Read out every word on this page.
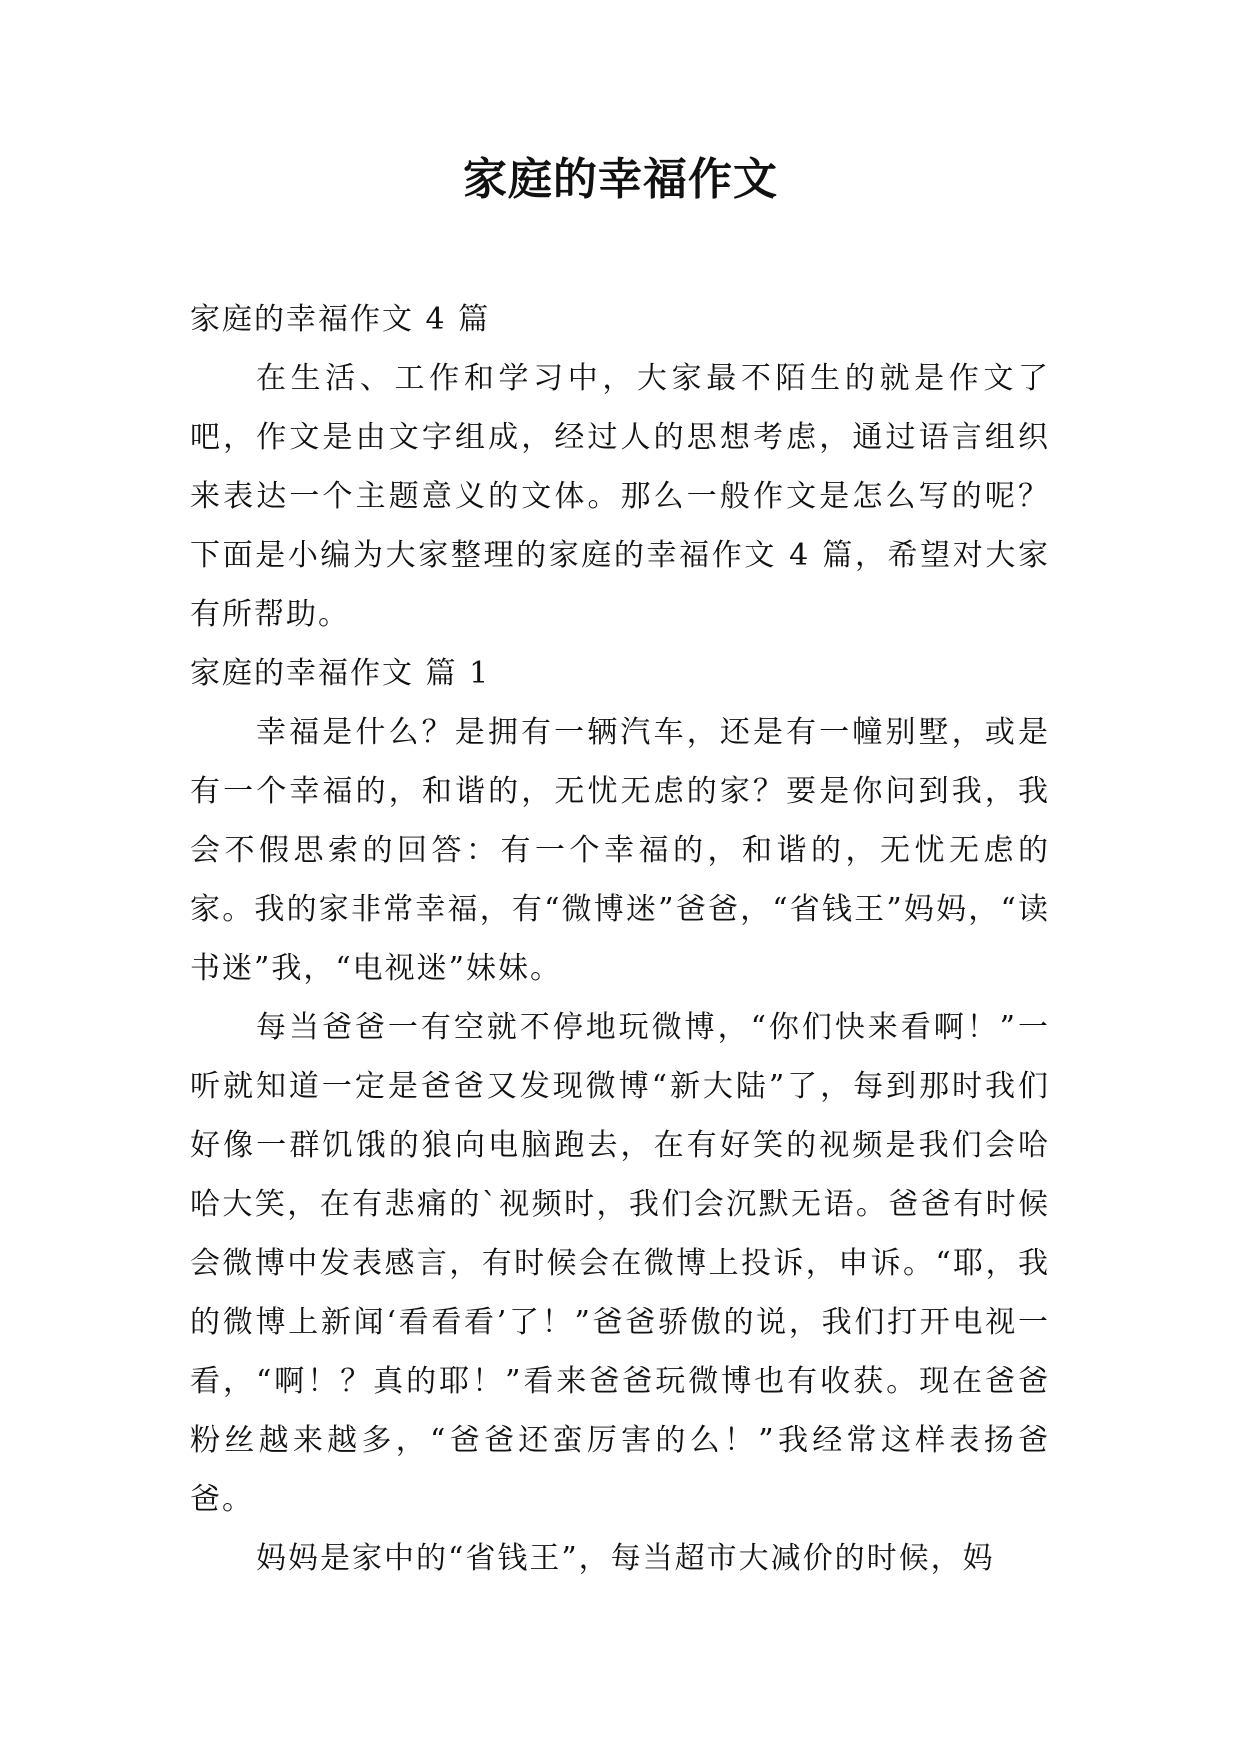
家庭的幸福作文

家庭的幸福作文 4 篇

在生活、工作和学习中，大家最不陌生的就是作文了吧，作文是由文字组成，经过人的思想考虑，通过语言组织来表达一个主题意义的文体。那么一般作文是怎么写的呢？下面是小编为大家整理的家庭的幸福作文 4 篇，希望对大家有所帮助。

家庭的幸福作文 篇 1

幸福是什么？是拥有一辆汽车，还是有一幢别墅，或是有一个幸福的，和谐的，无忧无虑的家？要是你问到我，我会不假思索的回答：有一个幸福的，和谐的，无忧无虑的家。我的家非常幸福，有“微博迷”爸爸，“省钱王”妈妈，“读书迷”我，“电视迷”妹妹。

每当爸爸一有空就不停地玩微博，“你们快来看啊！”一听就知道一定是爸爸又发现微博“新大陆”了，每到那时我们好像一群饥饿的狼向电脑跑去，在有好笑的视频是我们会哈哈大笑，在有悲痛的`视频时，我们会沉默无语。爸爸有时候会微博中发表感言，有时候会在微博上投诉，申诉。“耶，我的微博上新闻‘看看看’了！”爸爸骄傲的说，我们打开电视一看，“啊！？真的耶！”看来爸爸玩微博也有收获。现在爸爸粉丝越来越多，“爸爸还蛮厉害的么！”我经常这样表扬爸爸。

妈妈是家中的“省钱王”，每当超市大减价的时候，妈
